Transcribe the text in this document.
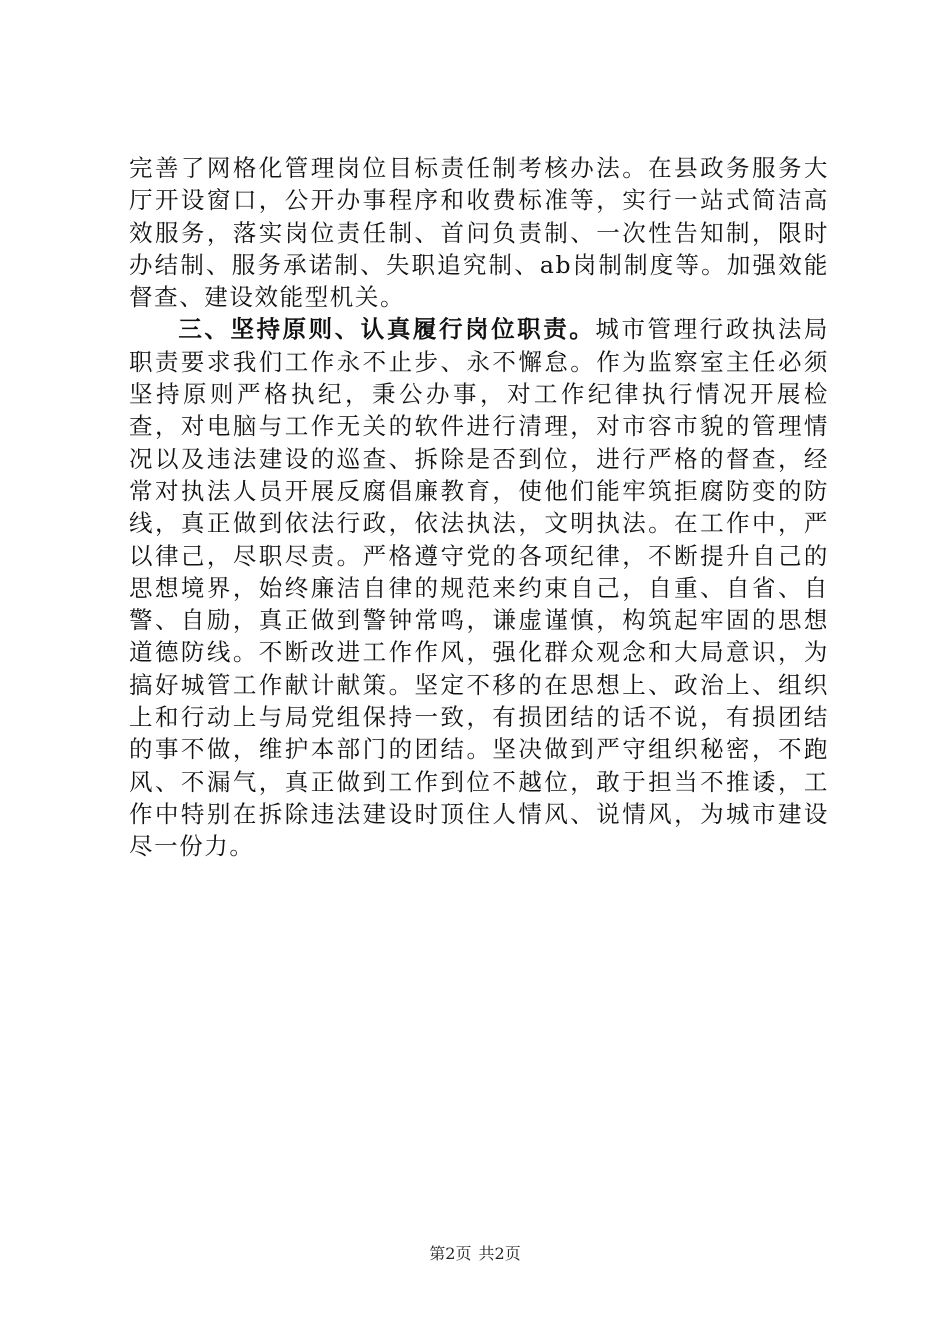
完善了网格化管理岗位目标责任制考核办法。在县政务服务大厅开设窗口，公开办事程序和收费标准等，实行一站式简洁高效服务，落实岗位责任制、首问负责制、一次性告知制，限时办结制、服务承诺制、失职追究制、ab岗制制度等。加强效能督查、建设效能型机关。

三、坚持原则、认真履行岗位职责。城市管理行政执法局职责要求我们工作永不止步、永不懈怠。作为监察室主任必须坚持原则严格执纪，秉公办事，对工作纪律执行情况开展检查，对电脑与工作无关的软件进行清理，对市容市貌的管理情况以及违法建设的巡查、拆除是否到位，进行严格的督查，经常对执法人员开展反腐倡廉教育，使他们能牢筑拒腐防变的防线，真正做到依法行政，依法执法，文明执法。在工作中，严以律己，尽职尽责。严格遵守党的各项纪律，不断提升自己的思想境界，始终廉洁自律的规范来约束自己，自重、自省、自警、自励，真正做到警钟常鸣，谦虚谨慎，构筑起牢固的思想道德防线。不断改进工作作风，强化群众观念和大局意识，为搞好城管工作献计献策。坚定不移的在思想上、政治上、组织上和行动上与局党组保持一致，有损团结的话不说，有损团结的事不做，维护本部门的团结。坚决做到严守组织秘密，不跑风、不漏气，真正做到工作到位不越位，敢于担当不推诿，工作中特别在拆除违法建设时顶住人情风、说情风，为城市建设尽一份力。

第2页 共2页
